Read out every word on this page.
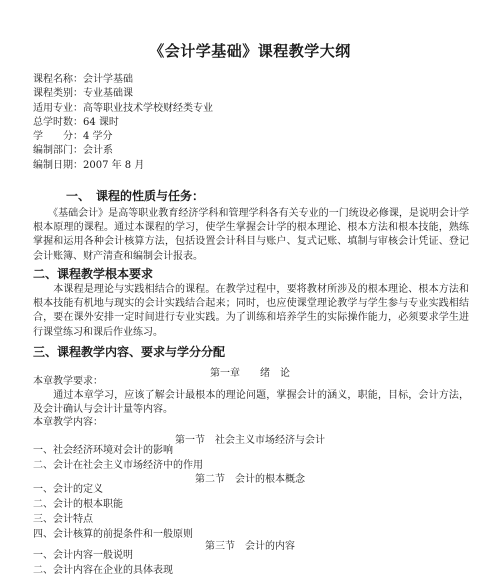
《会计学基础》课程教学大纲
课程名称：会计学基础
课程类别：专业基础课
适用专业：高等职业技术学校财经类专业
总学时数：64 课时
学　　分：4 学分
编制部门：会计系
编制日期：2007 年 8 月
一、　课程的性质与任务：
　　《基础会计》是高等职业教育经济学科和管理学科各有关专业的一门统设必修课，是说明会计学根本原理的课程。通过本课程的学习，使学生掌握会计学的根本理论、根本方法和根本技能，熟练掌握和运用各种会计核算方法，包括设置会计科目与账户、复式记账、填制与审核会计凭证、登记会计账簿、财产清查和编制会计报表。
二、课程教学根本要求
　　本课程是理论与实践相结合的课程。在教学过程中，要将教材所涉及的根本理论、根本方法和根本技能有机地与现实的会计实践结合起来；同时，也应使课堂理论教学与学生参与专业实践相结合，要在课外安排一定时间进行专业实践。为了训练和培养学生的实际操作能力，必须要求学生进行课堂练习和课后作业练习。
三、课程教学内容、要求与学分分配
第一章　　绪　论
本章教学要求：
　　通过本章学习，应该了解会计最根本的理论问题，掌握会计的涵义，职能，目标，会计方法，及会计确认与会计计量等内容。
本章教学内容：
第一节　社会主义市场经济与会计
一、社会经济环境对会计的影响
二、会计在社会主义市场经济中的作用
第二节　会计的根本概念
一、会计的定义
二、会计的根本职能
三、会计特点
四、会计核算的前提条件和一般原则
第三节　会计的内容
一、会计内容一般说明
二、会计内容在企业的具体表现
